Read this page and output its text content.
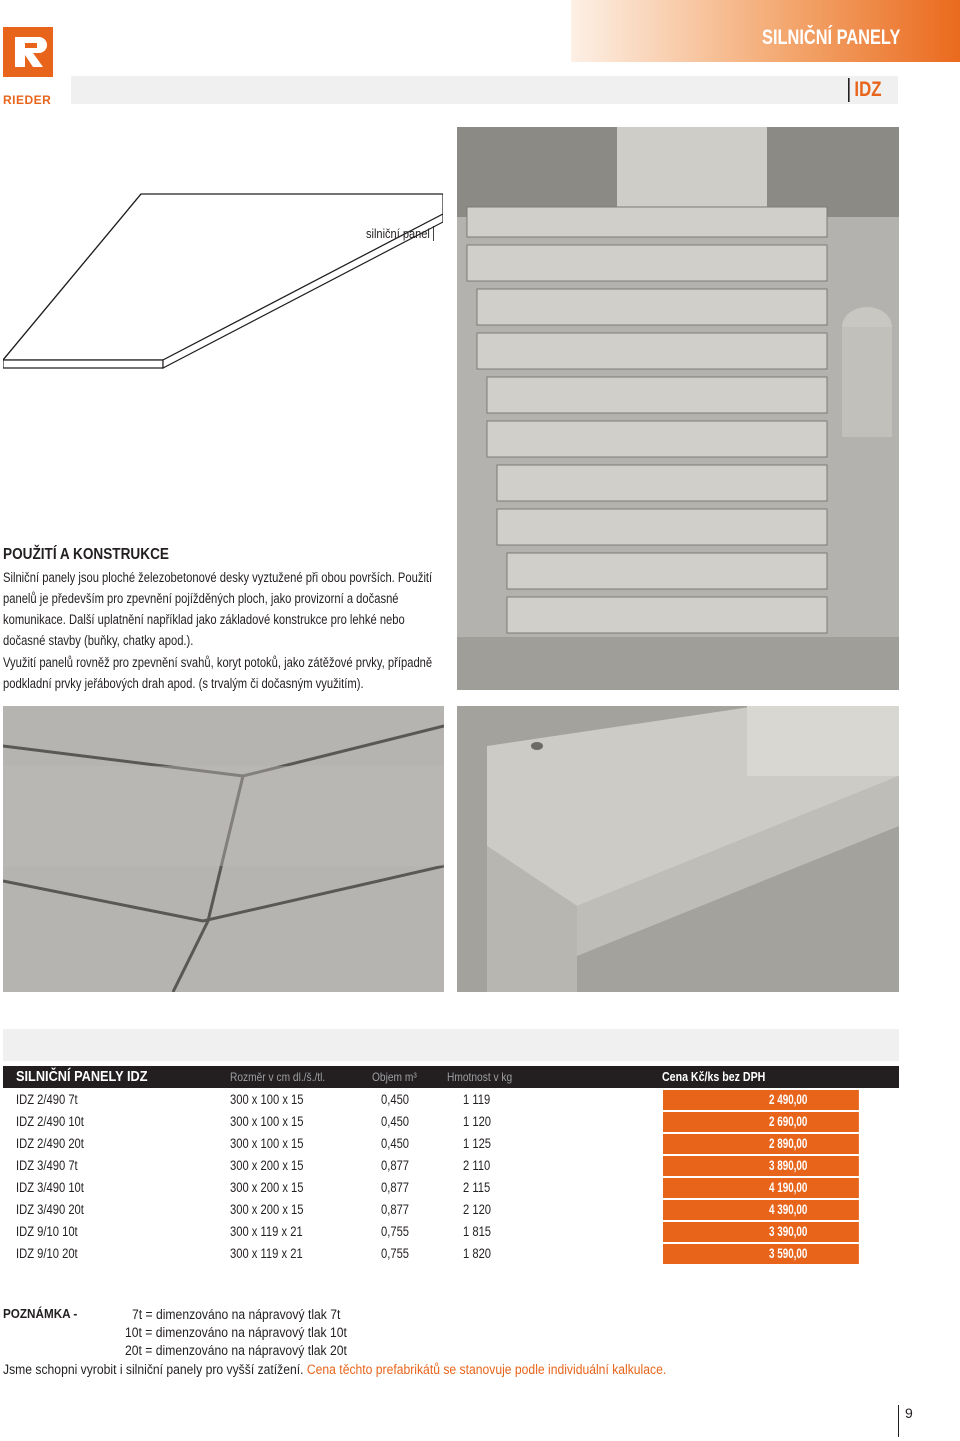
RIEDER
SILNIČNÍ PANELY
IDZ
silniční panel
POUŽITÍ A KONSTRUKCE
Silniční panely jsou ploché železobetonové desky vyztužené při obou površích. Použití panelů je především pro zpevnění pojížděných ploch, jako provizorní a dočasné komunikace. Další uplatnění například jako základové konstrukce pro lehké nebo dočasné stavby (buňky, chatky apod.).
Využití panelů rovněž pro zpevnění svahů, koryt potoků, jako zátěžové prvky, případně podkladní prvky jeřábových drah apod. (s trvalým či dočasným využitím).
SILNIČNÍ PANELY IDZ	Rozměr v cm dl./š./tl.	Objem m³	Hmotnost v kg	Cena Kč/ks bez DPH
IDZ 2/490 7t	300 x 100 x 15	0,450	1 119	2 490,00
IDZ 2/490 10t	300 x 100 x 15	0,450	1 120	2 690,00
IDZ 2/490 20t	300 x 100 x 15	0,450	1 125	2 890,00
IDZ 3/490 7t	300 x 200 x 15	0,877	2 110	3 890,00
IDZ 3/490 10t	300 x 200 x 15	0,877	2 115	4 190,00
IDZ 3/490 20t	300 x 200 x 15	0,877	2 120	4 390,00
IDZ 9/10 10t	300 x 119 x 21	0,755	1 815	3 390,00
IDZ 9/10 20t	300 x 119 x 21	0,755	1 820	3 590,00
POZNÁMKA -	7t = dimenzováno na nápravový tlak 7t
10t = dimenzováno na nápravový tlak 10t
20t = dimenzováno na nápravový tlak 20t
Jsme schopni vyrobit i silniční panely pro vyšší zatížení. Cena těchto prefabrikátů se stanovuje podle individuální kalkulace.
9
